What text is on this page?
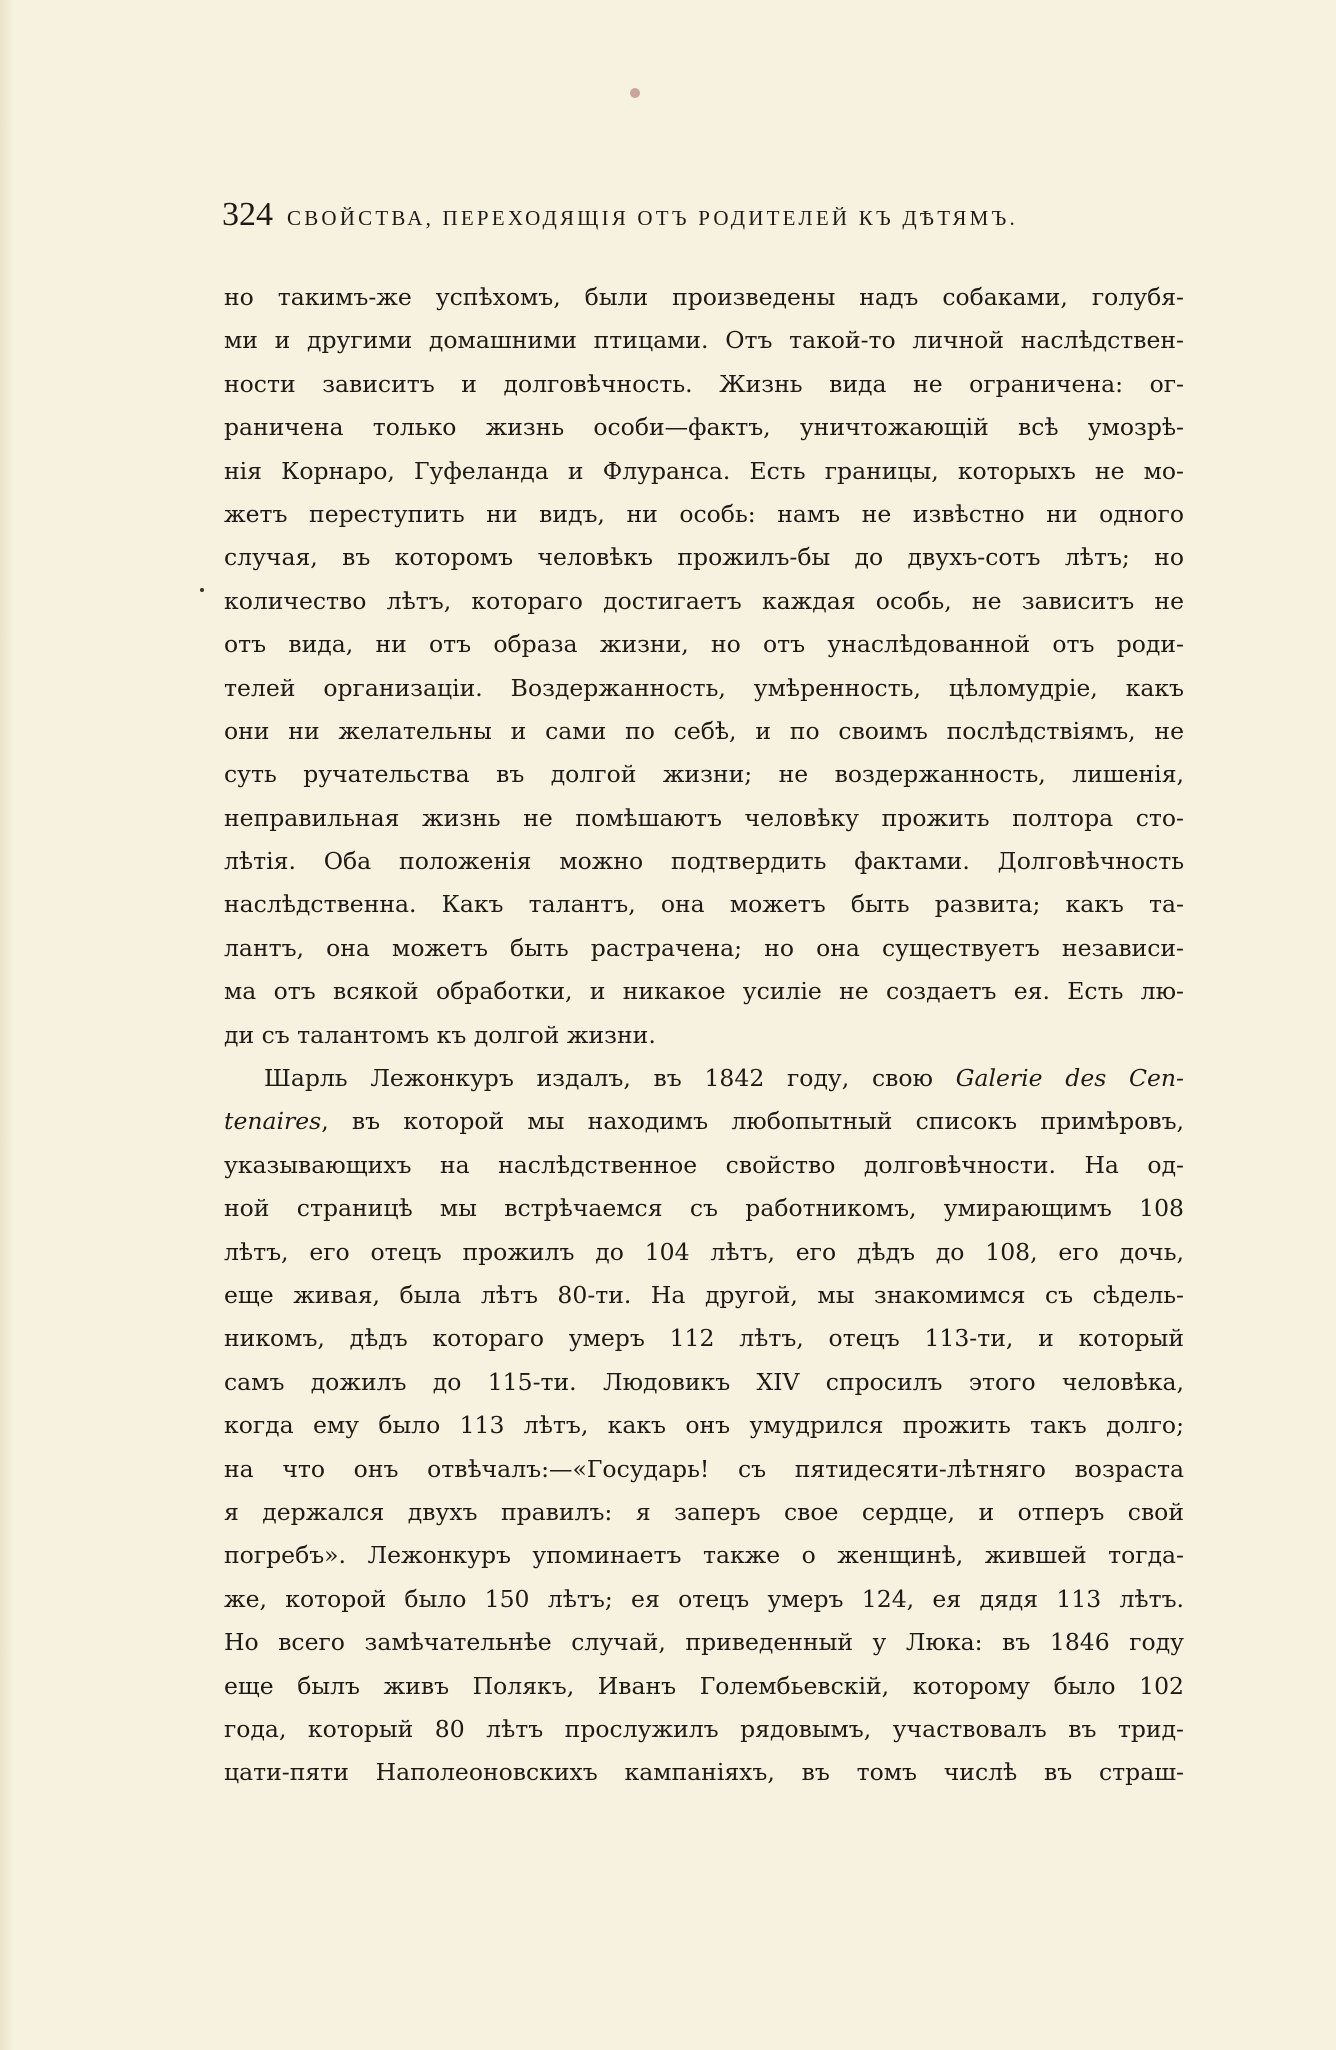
324 СВОЙСТВА, ПЕРЕХОДЯЩІЯ ОТЪ РОДИТЕЛЕЙ КЪ ДѢТЯМЪ.
но такимъ-же успѣхомъ, были произведены надъ собаками, голубя-
ми и другими домашними птицами. Отъ такой-то личной наслѣдствен-
ности зависитъ и долговѣчность. Жизнь вида не ограничена: ог-
раничена только жизнь особи—фактъ, уничтожающій всѣ умозрѣ-
нія Корнаро, Гуфеланда и Флуранса. Есть границы, которыхъ не мо-
жетъ переступить ни видъ, ни особь: намъ не извѣстно ни одного
случая, въ которомъ человѣкъ прожилъ-бы до двухъ-сотъ лѣтъ; но
количество лѣтъ, котораго достигаетъ каждая особь, не зависитъ не
отъ вида, ни отъ образа жизни, но отъ унаслѣдованной отъ роди-
телей организаціи. Воздержанность, умѣренность, цѣломудріе, какъ
они ни желательны и сами по себѣ, и по своимъ послѣдствіямъ, не
суть ручательства въ долгой жизни; не воздержанность, лишенія,
неправильная жизнь не помѣшаютъ человѣку прожить полтора сто-
лѣтія. Оба положенія можно подтвердить фактами. Долговѣчность
наслѣдственна. Какъ талантъ, она можетъ быть развита; какъ та-
лантъ, она можетъ быть растрачена; но она существуетъ независи-
ма отъ всякой обработки, и никакое усиліе не создаетъ ея. Есть лю-
ди съ талантомъ къ долгой жизни.
Шарль Лежонкуръ издалъ, въ 1842 году, свою Galerie des Cen-
tenaires, въ которой мы находимъ любопытный списокъ примѣровъ,
указывающихъ на наслѣдственное свойство долговѣчности. На од-
ной страницѣ мы встрѣчаемся съ работникомъ, умирающимъ 108
лѣтъ, его отецъ прожилъ до 104 лѣтъ, его дѣдъ до 108, его дочь,
еще живая, была лѣтъ 80-ти. На другой, мы знакомимся съ сѣдель-
никомъ, дѣдъ котораго умеръ 112 лѣтъ, отецъ 113-ти, и который
самъ дожилъ до 115-ти. Людовикъ XIV спросилъ этого человѣка,
когда ему было 113 лѣтъ, какъ онъ умудрился прожить такъ долго;
на что онъ отвѣчалъ:—«Государь! съ пятидесяти-лѣтняго возраста
я держался двухъ правилъ: я заперъ свое сердце, и отперъ свой
погребъ». Лежонкуръ упоминаетъ также о женщинѣ, жившей тогда-
же, которой было 150 лѣтъ; ея отецъ умеръ 124, ея дядя 113 лѣтъ.
Но всего замѣчательнѣе случай, приведенный у Люка: въ 1846 году
еще былъ живъ Полякъ, Иванъ Голембьевскій, которому было 102
года, который 80 лѣтъ прослужилъ рядовымъ, участвовалъ въ трид-
цати-пяти Наполеоновскихъ кампаніяхъ, въ томъ числѣ въ страш-
